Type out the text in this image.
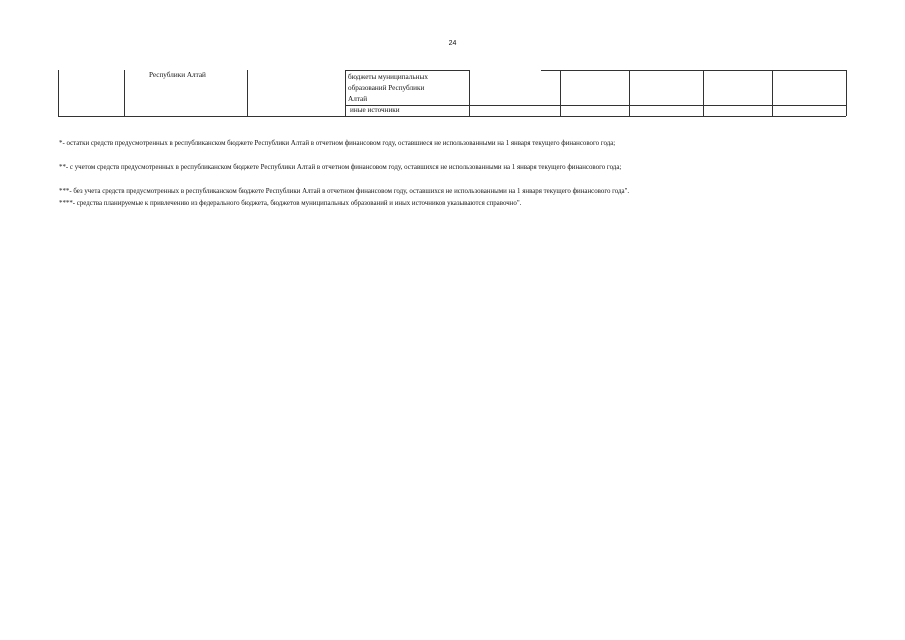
24
Республики Алтай	бюджеты муниципальных
образований Республики
Алтай
иные источники
*- остатки средств предусмотренных в республиканском бюджете Республики Алтай в отчетном финансовом году, оставшиеся не использованными на 1 января текущего финансового года;
**- с учетом средств предусмотренных в республиканском бюджете Республики Алтай в отчетном финансовом году, оставшихся не использованными на 1 января текущего финансового года;
***- без учета средств предусмотренных в республиканском бюджете Республики Алтай в отчетном финансовом году, оставшихся не использованными на 1 января текущего финансового года".
****- средства планируемые к привлечению из федерального бюджета, бюджетов муниципальных образований и иных источников указываются справочно".
